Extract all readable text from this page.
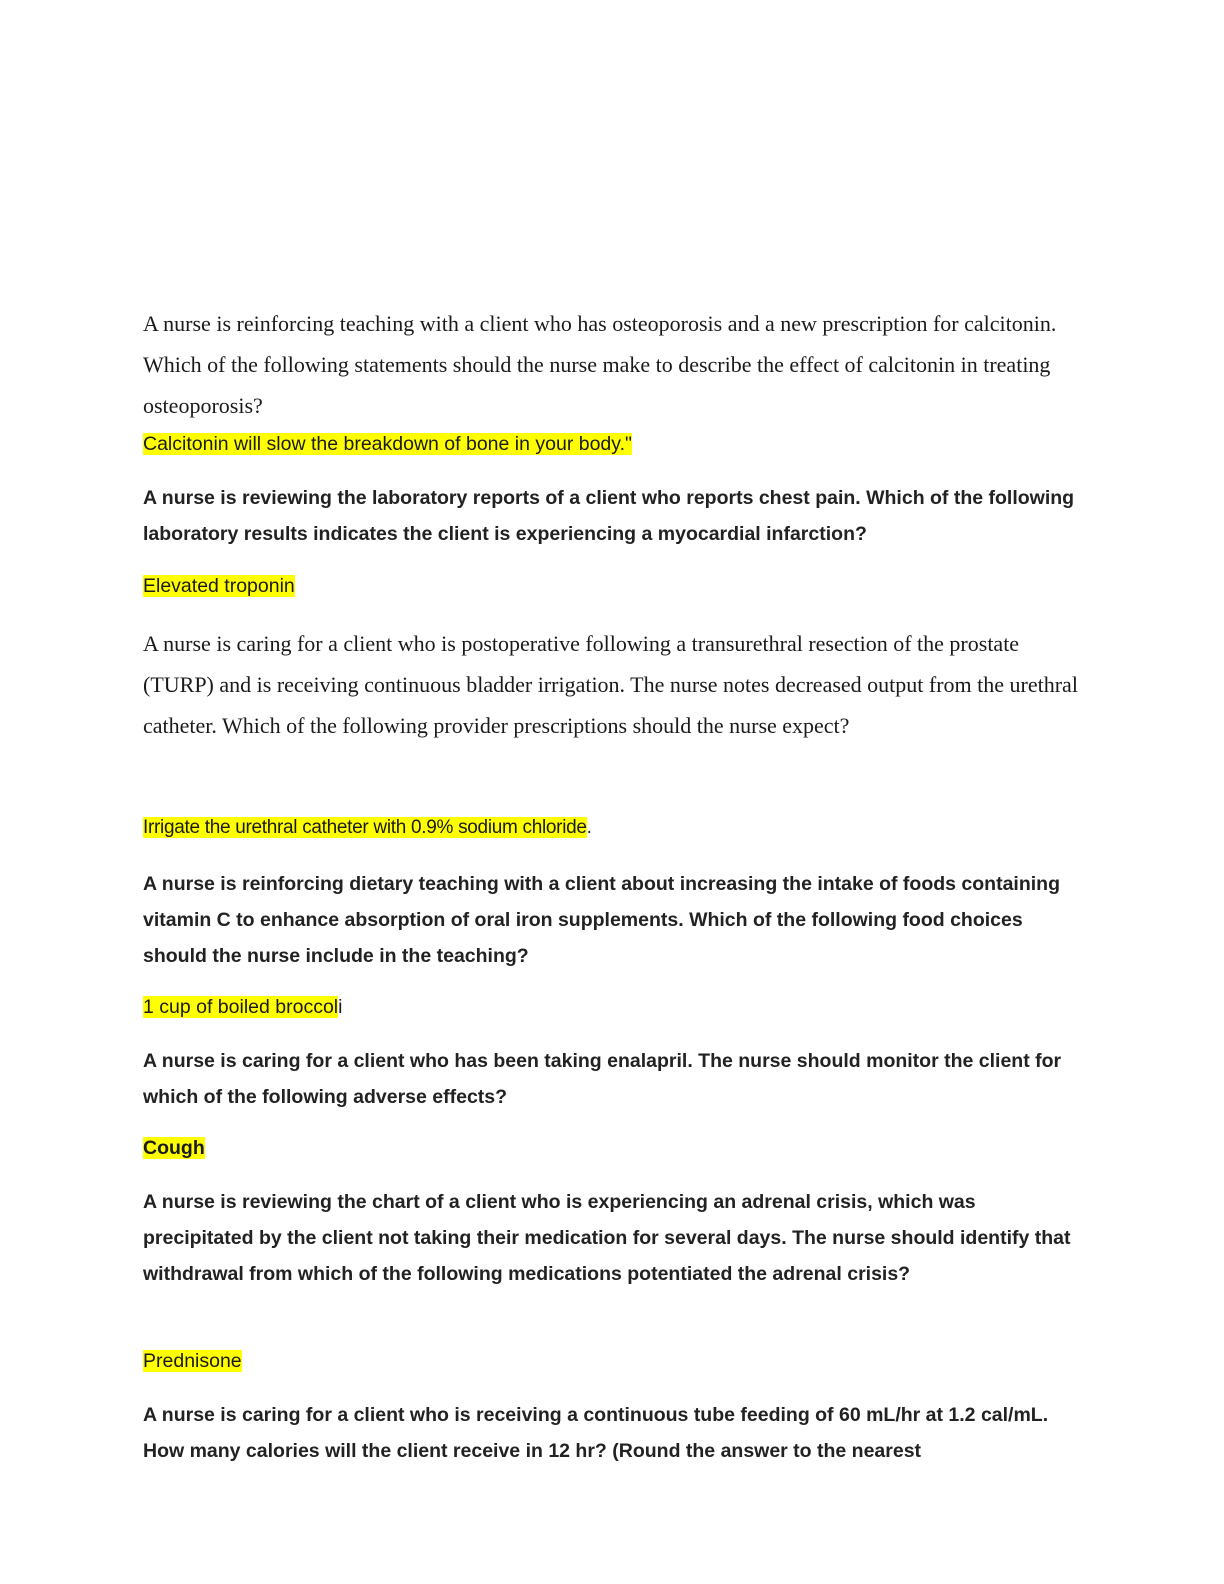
A nurse is reinforcing teaching with a client who has osteoporosis and a new prescription for calcitonin. Which of the following statements should the nurse make to describe the effect of calcitonin in treating osteoporosis?
Calcitonin will slow the breakdown of bone in your body."
A nurse is reviewing the laboratory reports of a client who reports chest pain. Which of the following laboratory results indicates the client is experiencing a myocardial infarction?
Elevated troponin
A nurse is caring for a client who is postoperative following a transurethral resection of the prostate (TURP) and is receiving continuous bladder irrigation. The nurse notes decreased output from the urethral catheter. Which of the following provider prescriptions should the nurse expect?
Irrigate the urethral catheter with 0.9% sodium chloride.
A nurse is reinforcing dietary teaching with a client about increasing the intake of foods containing vitamin C to enhance absorption of oral iron supplements. Which of the following food choices should the nurse include in the teaching?
1 cup of boiled broccoli
A nurse is caring for a client who has been taking enalapril. The nurse should monitor the client for which of the following adverse effects?
Cough
A nurse is reviewing the chart of a client who is experiencing an adrenal crisis, which was precipitated by the client not taking their medication for several days. The nurse should identify that withdrawal from which of the following medications potentiated the adrenal crisis?
Prednisone
A nurse is caring for a client who is receiving a continuous tube feeding of 60 mL/hr at 1.2 cal/mL. How many calories will the client receive in 12 hr? (Round the answer to the nearest
